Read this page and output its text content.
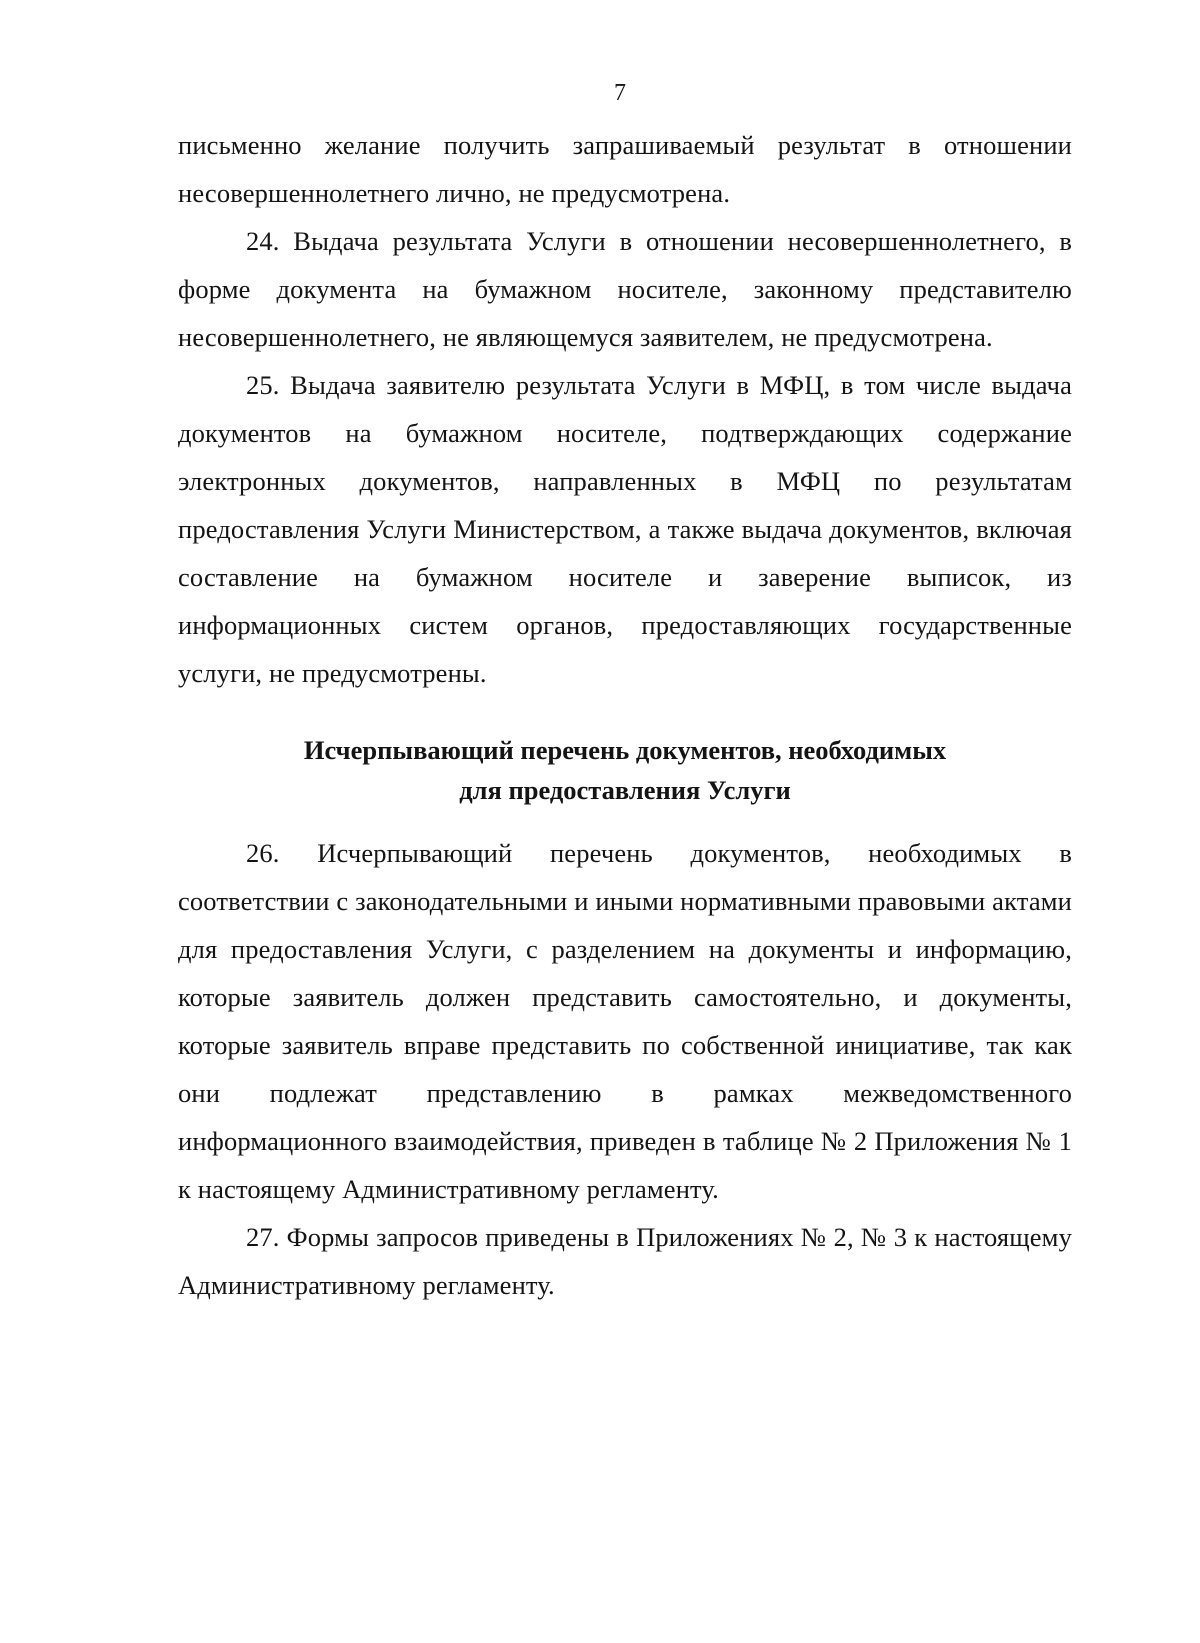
7

письменно желание получить запрашиваемый результат в отношении несовершеннолетнего лично, не предусмотрена.

24. Выдача результата Услуги в отношении несовершеннолетнего, в форме документа на бумажном носителе, законному представителю несовершеннолетнего, не являющемуся заявителем, не предусмотрена.

25. Выдача заявителю результата Услуги в МФЦ, в том числе выдача документов на бумажном носителе, подтверждающих содержание электронных документов, направленных в МФЦ по результатам предоставления Услуги Министерством, а также выдача документов, включая составление на бумажном носителе и заверение выписок, из информационных систем органов, предоставляющих государственные услуги, не предусмотрены.

Исчерпывающий перечень документов, необходимых
для предоставления Услуги

26. Исчерпывающий перечень документов, необходимых в соответствии с законодательными и иными нормативными правовыми актами для предоставления Услуги, с разделением на документы и информацию, которые заявитель должен представить самостоятельно, и документы, которые заявитель вправе представить по собственной инициативе, так как они подлежат представлению в рамках межведомственного информационного взаимодействия, приведен в таблице № 2 Приложения № 1 к настоящему Административному регламенту.

27. Формы запросов приведены в Приложениях № 2, № 3 к настоящему Административному регламенту.
